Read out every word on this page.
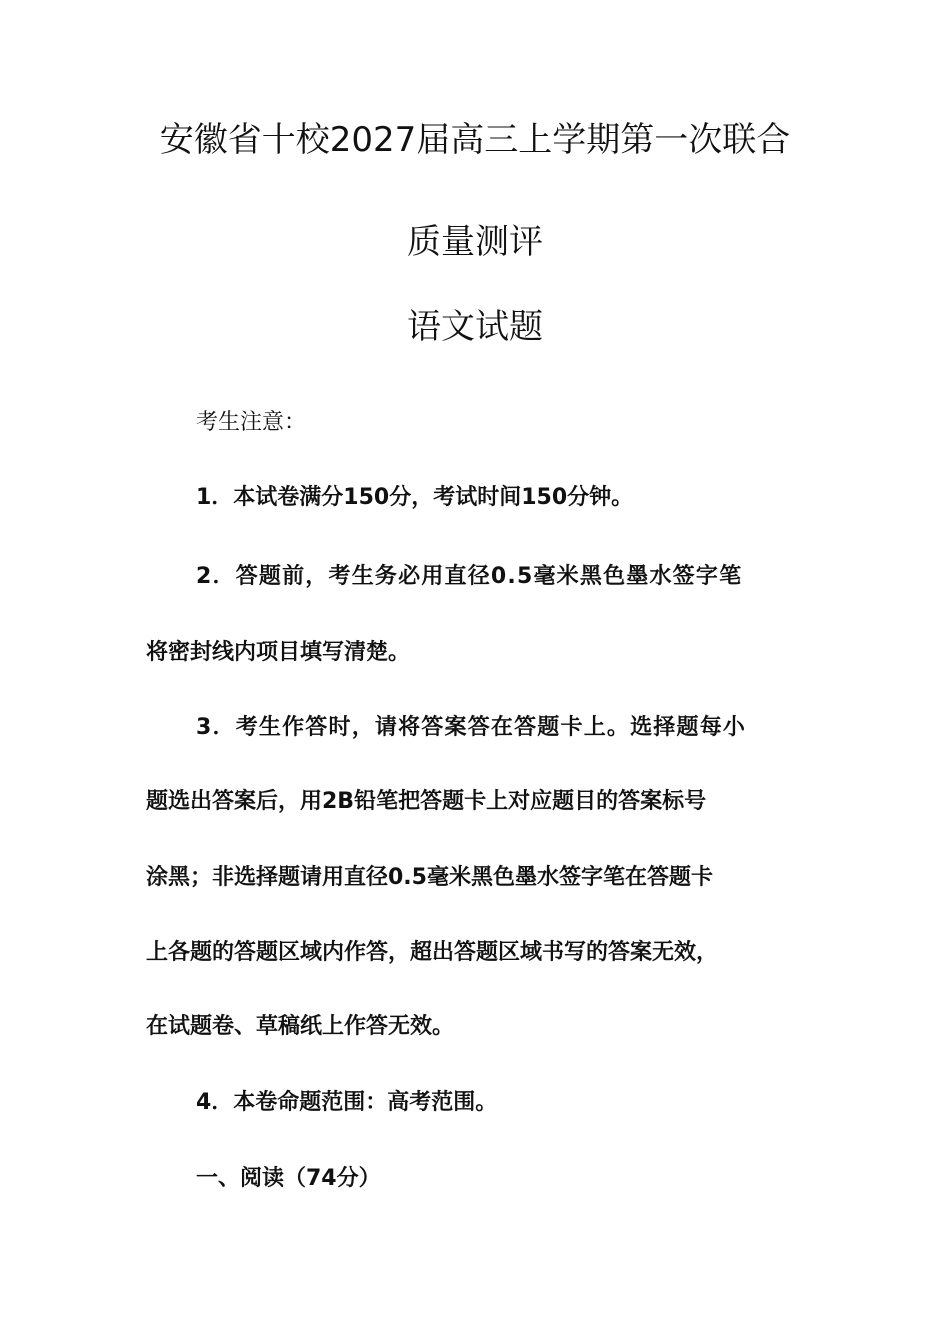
安徽省十校2027届高三上学期第一次联合
质量测评
语文试题

考生注意：

1．本试卷满分150分，考试时间150分钟。

2．答题前，考生务必用直径0.5毫米黑色墨水签字笔

将密封线内项目填写清楚。

3．考生作答时，请将答案答在答题卡上。选择题每小

题选出答案后，用2B铅笔把答题卡上对应题目的答案标号

涂黑；非选择题请用直径0.5毫米黑色墨水签字笔在答题卡

上各题的答题区域内作答，超出答题区域书写的答案无效，

在试题卷、草稿纸上作答无效。

4．本卷命题范围：高考范围。

一、阅读（74分）
